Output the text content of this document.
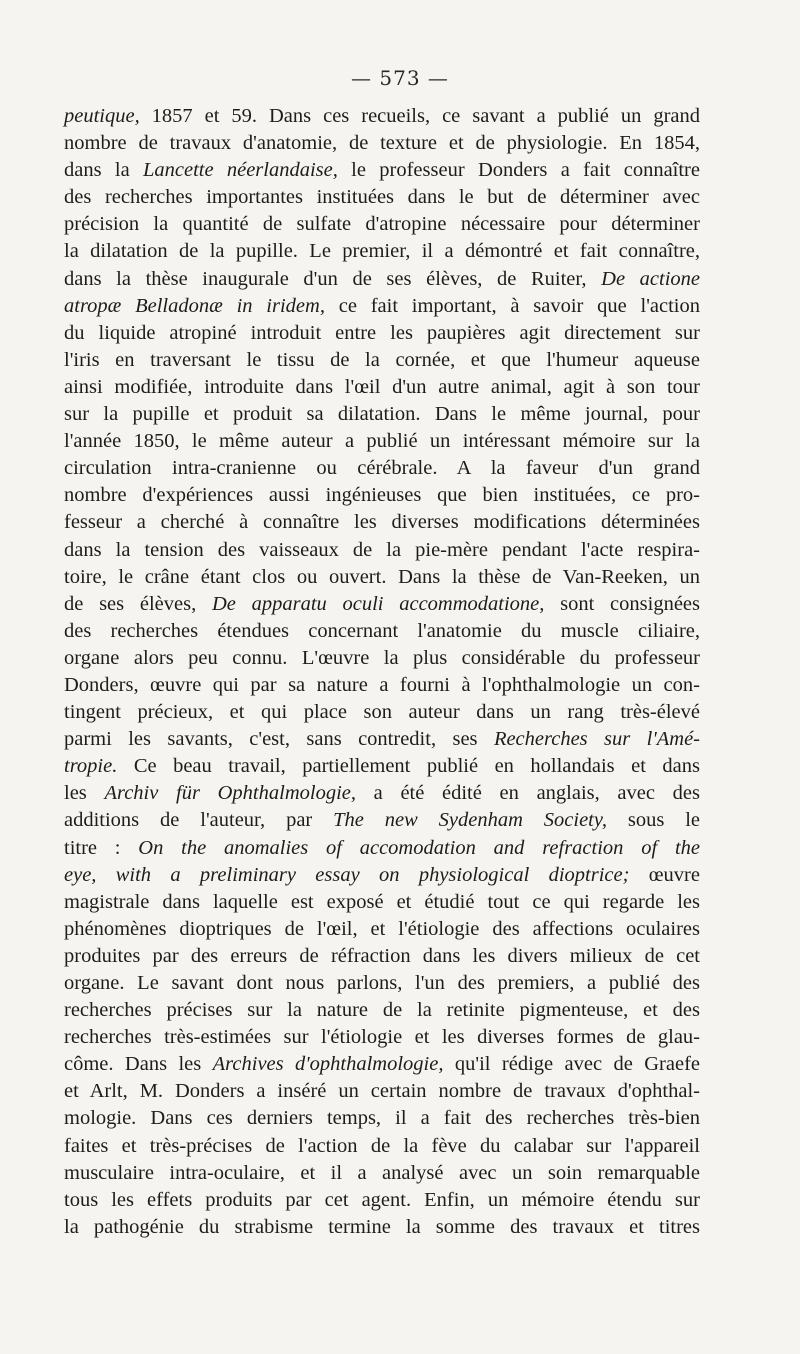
— 573 —
peutique, 1857 et 59. Dans ces recueils, ce savant a publié un grand
nombre de travaux d'anatomie, de texture et de physiologie. En 1854,
dans la Lancette néerlandaise, le professeur Donders a fait connaître
des recherches importantes instituées dans le but de déterminer avec
précision la quantité de sulfate d'atropine nécessaire pour déterminer
la dilatation de la pupille. Le premier, il a démontré et fait connaître,
dans la thèse inaugurale d'un de ses élèves, de Ruiter, De actione
atropæ Belladonæ in iridem, ce fait important, à savoir que l'action
du liquide atropiné introduit entre les paupières agit directement sur
l'iris en traversant le tissu de la cornée, et que l'humeur aqueuse
ainsi modifiée, introduite dans l'œil d'un autre animal, agit à son tour
sur la pupille et produit sa dilatation. Dans le même journal, pour
l'année 1850, le même auteur a publié un intéressant mémoire sur la
circulation intra-cranienne ou cérébrale. A la faveur d'un grand
nombre d'expériences aussi ingénieuses que bien instituées, ce pro-
fesseur a cherché à connaître les diverses modifications déterminées
dans la tension des vaisseaux de la pie-mère pendant l'acte respira-
toire, le crâne étant clos ou ouvert. Dans la thèse de Van-Reeken, un
de ses élèves, De apparatu oculi accommodatione, sont consignées
des recherches étendues concernant l'anatomie du muscle ciliaire,
organe alors peu connu. L'œuvre la plus considérable du professeur
Donders, œuvre qui par sa nature a fourni à l'ophthalmologie un con-
tingent précieux, et qui place son auteur dans un rang très-élevé
parmi les savants, c'est, sans contredit, ses Recherches sur l'Amé-
tropie. Ce beau travail, partiellement publié en hollandais et dans
les Archiv für Ophthalmologie, a été édité en anglais, avec des
additions de l'auteur, par The new Sydenham Society, sous le
titre : On the anomalies of accomodation and refraction of the
eye, with a preliminary essay on physiological dioptrice; œuvre
magistrale dans laquelle est exposé et étudié tout ce qui regarde les
phénomènes dioptriques de l'œil, et l'étiologie des affections oculaires
produites par des erreurs de réfraction dans les divers milieux de cet
organe. Le savant dont nous parlons, l'un des premiers, a publié des
recherches précises sur la nature de la retinite pigmenteuse, et des
recherches très-estimées sur l'étiologie et les diverses formes de glau-
côme. Dans les Archives d'ophthalmologie, qu'il rédige avec de Graefe
et Arlt, M. Donders a inséré un certain nombre de travaux d'ophthal-
mologie. Dans ces derniers temps, il a fait des recherches très-bien
faites et très-précises de l'action de la fève du calabar sur l'appareil
musculaire intra-oculaire, et il a analysé avec un soin remarquable
tous les effets produits par cet agent. Enfin, un mémoire étendu sur
la pathogénie du strabisme termine la somme des travaux et titres
